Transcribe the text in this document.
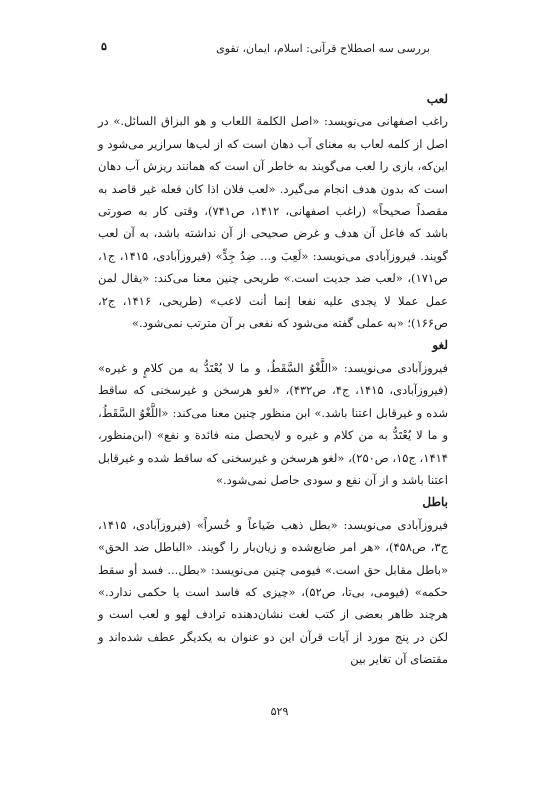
۵	بررسی سه اصطلاح قرآنی: اسلام، ایمان، تقوی

لعب

راغب اصفهانی می‌نویسد: «اصل الکلمة اللعاب و هو البزاق السائل.» در اصل از کلمه لعاب به معنای آب دهان است که از لب‌ها سرازیر می‌شود و این‌که، بازی را لعب می‌گویند به خاطر آن است که همانند ریزش آب دهان است که بدون هدف انجام می‌گیرد. «لعب فلان اذا کان فعله غیر قاصد به مقصداً صحیحاً» (راغب اصفهانی، ۱۴۱۲، ص۷۴۱)، وقتی کار به صورتی باشد که فاعل آن هدف و غرض صحیحی از آن نداشته باشد، به آن لعب گویند. فیروزآبادی می‌نویسد: «لَعِبَ و... ضِدُ جِدٍّ» (فیروزآبادی، ۱۴۱۵، ج۱، ص۱۷۱)، «لعب ضد جدیت است.» طریحی چنین معنا می‌کند: «یقال لمن عمل عملا لا یجدی علیه نفعا إنما أنت لاعب» (طریحی، ۱۴۱۶، ج۲، ص۱۶۶)؛ «به عملی گفته می‌شود که نفعی بر آن مترتب نمی‌شود.»

لغو

فیروزآبادی می‌نویسد: «اللَّغْوُ السَّقَطُ، و ما لا یُعْتَدُّ به من کلامٍ و غیره» (فیروزآبادی، ۱۴۱۵، ج۴، ص۴۳۲)، «لغو هرسخن و غیرسخنی که ساقط شده و غیرقابل اعتنا باشد.» ابن منظور چنین معنا می‌کند: «اللَّغْوُ السَّقَطُ، و ما لا یُعْتَدُّ به من کلام و غیره و لایحصل منه فائدة و نفع» (ابن‌منظور، ۱۴۱۴، ج۱۵، ص۲۵۰)، «لغو هرسخن و غیرسخنی که ساقط شده و غیرقابل اعتنا باشد و از آن نفع و سودی حاصل نمی‌شود.»

باطل

فیروزآبادی می‌نویسد: «بطل ذهب ضَیاعاً و خُسراً» (فیروزآبادی، ۱۴۱۵، ج۳، ص۴۵۸)، «هر امر ضایع‌شده و زیان‌بار را گویند. «الباطل ضد الحق» «باطل مقابل حق است.» فیومی چنین می‌نویسد: «بطل... فسد أو سقط حکمه» (فیومی، بی‌تا، ص۵۲)، «چیزی که فاسد است یا حکمی ندارد.» هرچند ظاهر بعضی از کتب لغت نشان‌دهنده ترادف لهو و لعب است و لکن در پنج مورد از آیات قرآن این دو عنوان به یکدیگر عطف شده‌اند و مقتضای آن تغایر بین

۵۲۹
